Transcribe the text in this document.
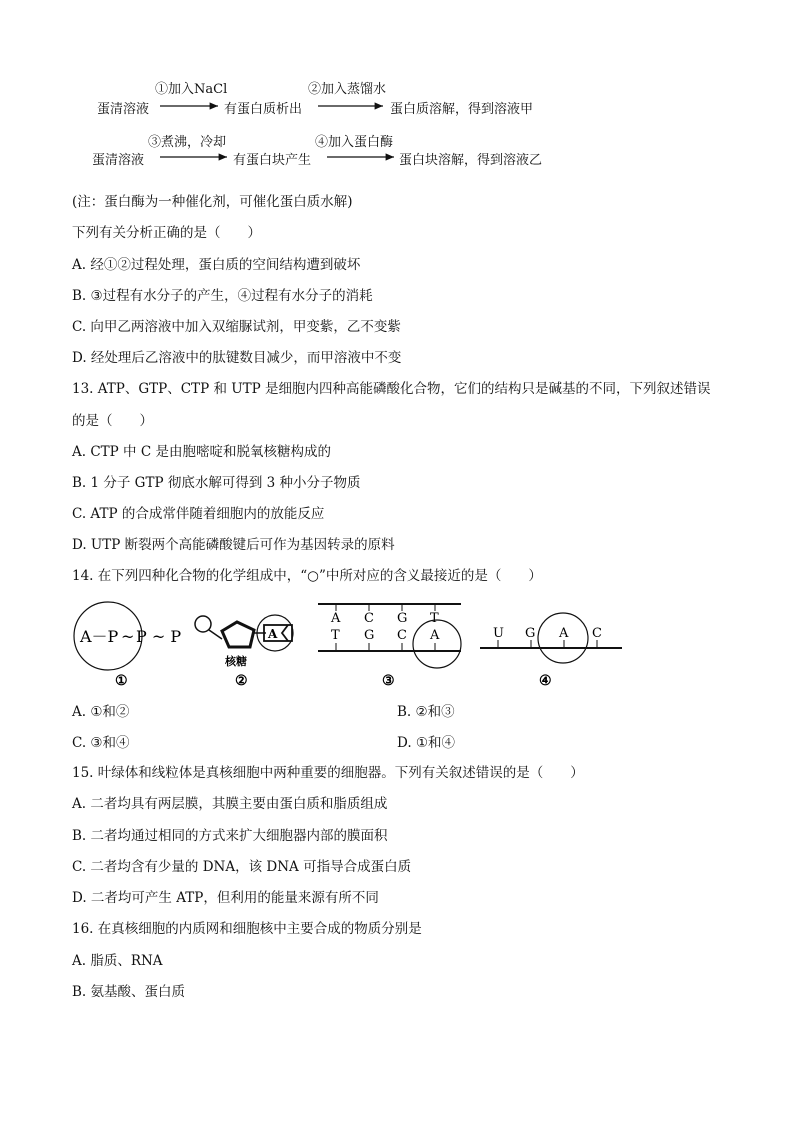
①加入NaCl	②加入蒸馏水
蛋清溶液	有蛋白质析出	蛋白质溶解，得到溶液甲
③煮沸，冷却	④加入蛋白酶
蛋清溶液	有蛋白块产生	蛋白块溶解，得到溶液乙
(注：蛋白酶为一种催化剂，可催化蛋白质水解)
下列有关分析正确的是（　　）
A. 经①②过程处理，蛋白质的空间结构遭到破坏
B. ③过程有水分子的产生，④过程有水分子的消耗
C. 向甲乙两溶液中加入双缩脲试剂，甲变紫，乙不变紫
D. 经处理后乙溶液中的肽键数目减少，而甲溶液中不变
13. ATP、GTP、CTP 和 UTP 是细胞内四种高能磷酸化合物，它们的结构只是碱基的不同，下列叙述错误
的是（　　）
A. CTP 中 C 是由胞嘧啶和脱氧核糖构成的
B. 1 分子 GTP 彻底水解可得到 3 种小分子物质
C. ATP 的合成常伴随着细胞内的放能反应
D. UTP 断裂两个高能磷酸键后可作为基因转录的原料
14. 在下列四种化合物的化学组成中，“○”中所对应的含义最接近的是（　　）
A－P ~ P ~ P
①
A
核糖
②
A C G T
T G C A
③
U G A C
④
A. ①和②	B. ②和③
C. ③和④	D. ①和④
15. 叶绿体和线粒体是真核细胞中两种重要的细胞器。下列有关叙述错误的是（　　）
A. 二者均具有两层膜，其膜主要由蛋白质和脂质组成
B. 二者均通过相同的方式来扩大细胞器内部的膜面积
C. 二者均含有少量的 DNA，该 DNA 可指导合成蛋白质
D. 二者均可产生 ATP，但利用的能量来源有所不同
16. 在真核细胞的内质网和细胞核中主要合成的物质分别是
A. 脂质、RNA
B. 氨基酸、蛋白质
